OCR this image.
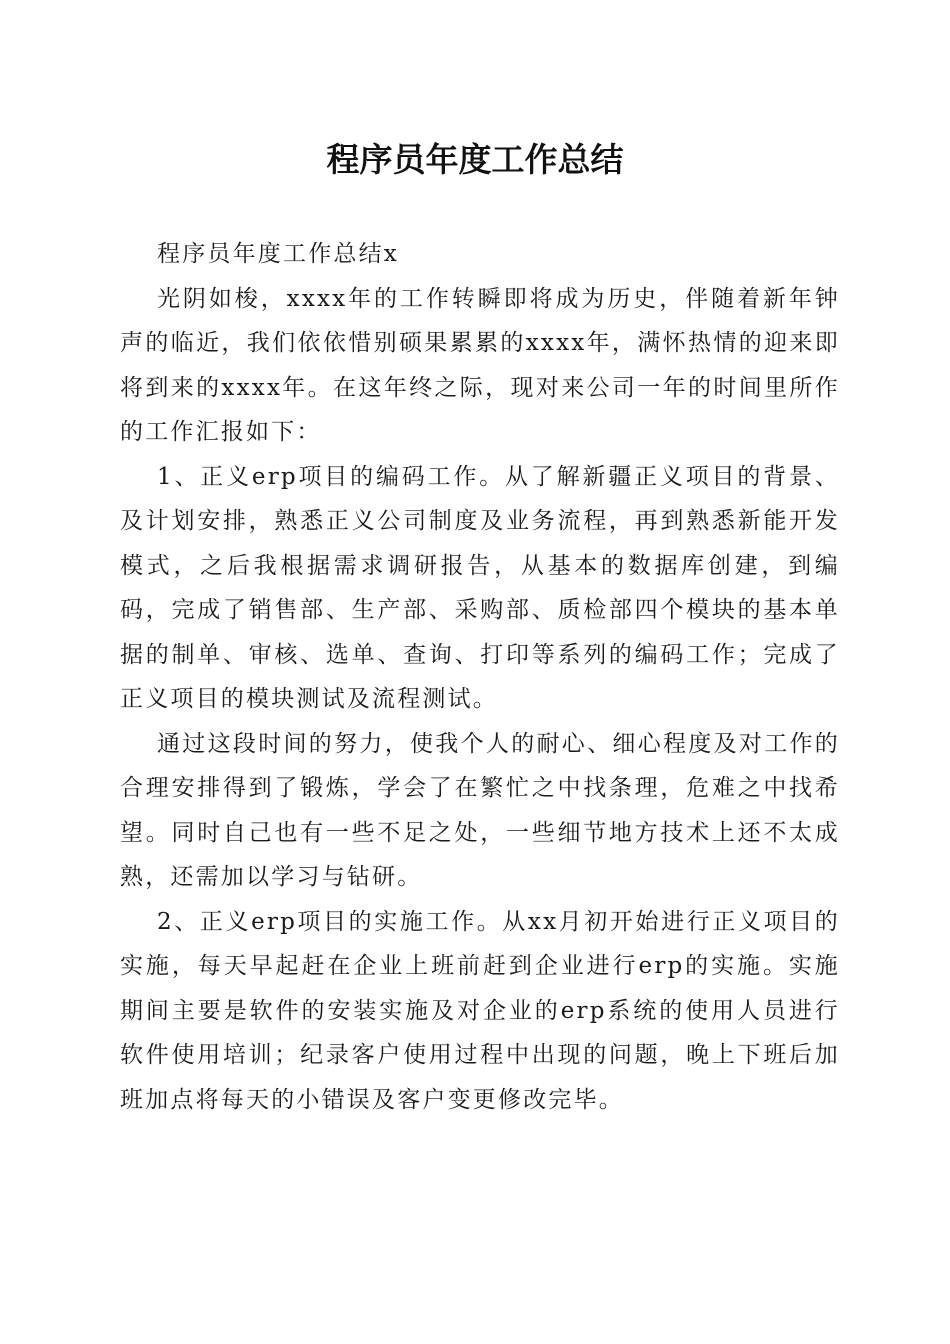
程序员年度工作总结

程序员年度工作总结x

光阴如梭，xxxx年的工作转瞬即将成为历史，伴随着新年钟声的临近，我们依依惜别硕果累累的xxxx年，满怀热情的迎来即将到来的xxxx年。在这年终之际，现对来公司一年的时间里所作的工作汇报如下：

1、正义erp项目的编码工作。从了解新疆正义项目的背景、及计划安排，熟悉正义公司制度及业务流程，再到熟悉新能开发模式，之后我根据需求调研报告，从基本的数据库创建，到编码，完成了销售部、生产部、采购部、质检部四个模块的基本单据的制单、审核、选单、查询、打印等系列的编码工作；完成了正义项目的模块测试及流程测试。

通过这段时间的努力，使我个人的耐心、细心程度及对工作的合理安排得到了锻炼，学会了在繁忙之中找条理，危难之中找希望。同时自己也有一些不足之处，一些细节地方技术上还不太成熟，还需加以学习与钻研。

2、正义erp项目的实施工作。从xx月初开始进行正义项目的实施，每天早起赶在企业上班前赶到企业进行erp的实施。实施期间主要是软件的安装实施及对企业的erp系统的使用人员进行软件使用培训；纪录客户使用过程中出现的问题，晚上下班后加班加点将每天的小错误及客户变更修改完毕。
